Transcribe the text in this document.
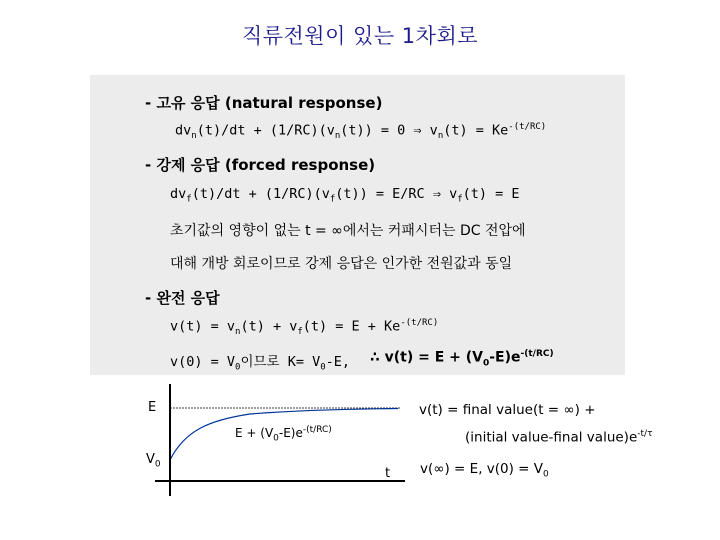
직류전원이 있는 1차회로
- 고유 응답 (natural response)
$dv_n(t)/dt + (1/RC)(v_n(t)) = 0$ ⇒ $v_n(t) = Ke^{-(t/RC)}$
- 강제 응답 (forced response)
$dv_f(t)/dt + (1/RC)(v_f(t)) = E/RC$ ⇒ $v_f(t) = E$
초기값의 영향이 없는 t = ∞에서는 커패시터는 DC 전압에
대해 개방 회로이므로 강제 응답은 인가한 전원값과 동일
- 완전 응답
$v(t) = v_n(t) + v_f(t) = E + Ke^{-(t/RC)}$
$v(0) = V_0$이므로 $K= V_0-E$, ∴ $v(t) = E + (V_0-E)e^{-(t/RC)}$
E
$V_0$
t
$E + (V_0-E)e^{-(t/RC)}$
v(t) = final value(t = ∞) +
(initial value-final $value)e^{-t/\tau}$
v(∞) = E, $v(0) = V_0$
